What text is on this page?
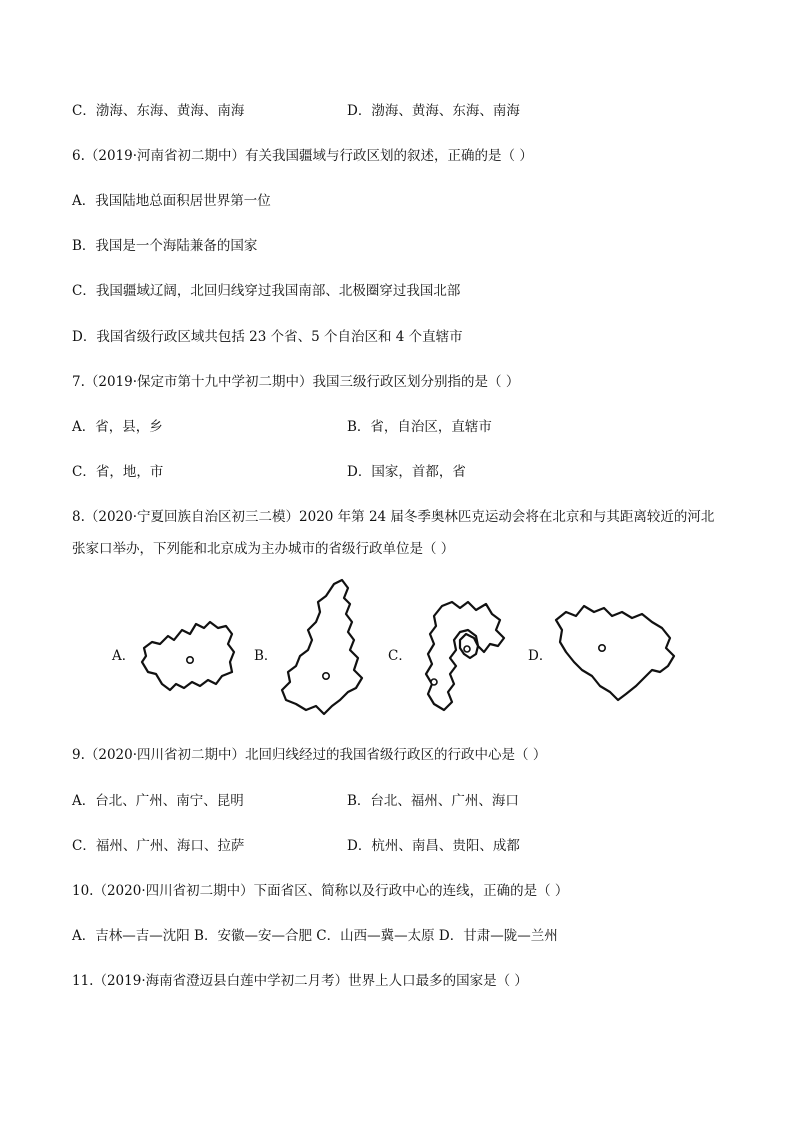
C．渤海、东海、黄海、南海	D．渤海、黄海、东海、南海
6.（2019·河南省初二期中）有关我国疆域与行政区划的叙述，正确的是（ ）
A．我国陆地总面积居世界第一位
B．我国是一个海陆兼备的国家
C．我国疆域辽阔，北回归线穿过我国南部、北极圈穿过我国北部
D．我国省级行政区域共包括 23 个省、5 个自治区和 4 个直辖市
7.（2019·保定市第十九中学初二期中）我国三级行政区划分别指的是（ ）
A．省，县，乡	B．省，自治区，直辖市
C．省，地，市	D．国家，首都，省
8.（2020·宁夏回族自治区初三二模）2020 年第 24 届冬季奥林匹克运动会将在北京和与其距离较近的河北
张家口举办，下列能和北京成为主办城市的省级行政单位是（ ）
A．	B．	C．	D．
9.（2020·四川省初二期中）北回归线经过的我国省级行政区的行政中心是（ ）
A．台北、广州、南宁、昆明	B．台北、福州、广州、海口
C．福州、广州、海口、拉萨	D．杭州、南昌、贵阳、成都
10.（2020·四川省初二期中）下面省区、简称以及行政中心的连线，正确的是（ ）
A．吉林—吉—沈阳 B．安徽—安—合肥 C．山西—冀—太原 D．甘肃—陇—兰州
11.（2019·海南省澄迈县白莲中学初二月考）世界上人口最多的国家是（ ）
